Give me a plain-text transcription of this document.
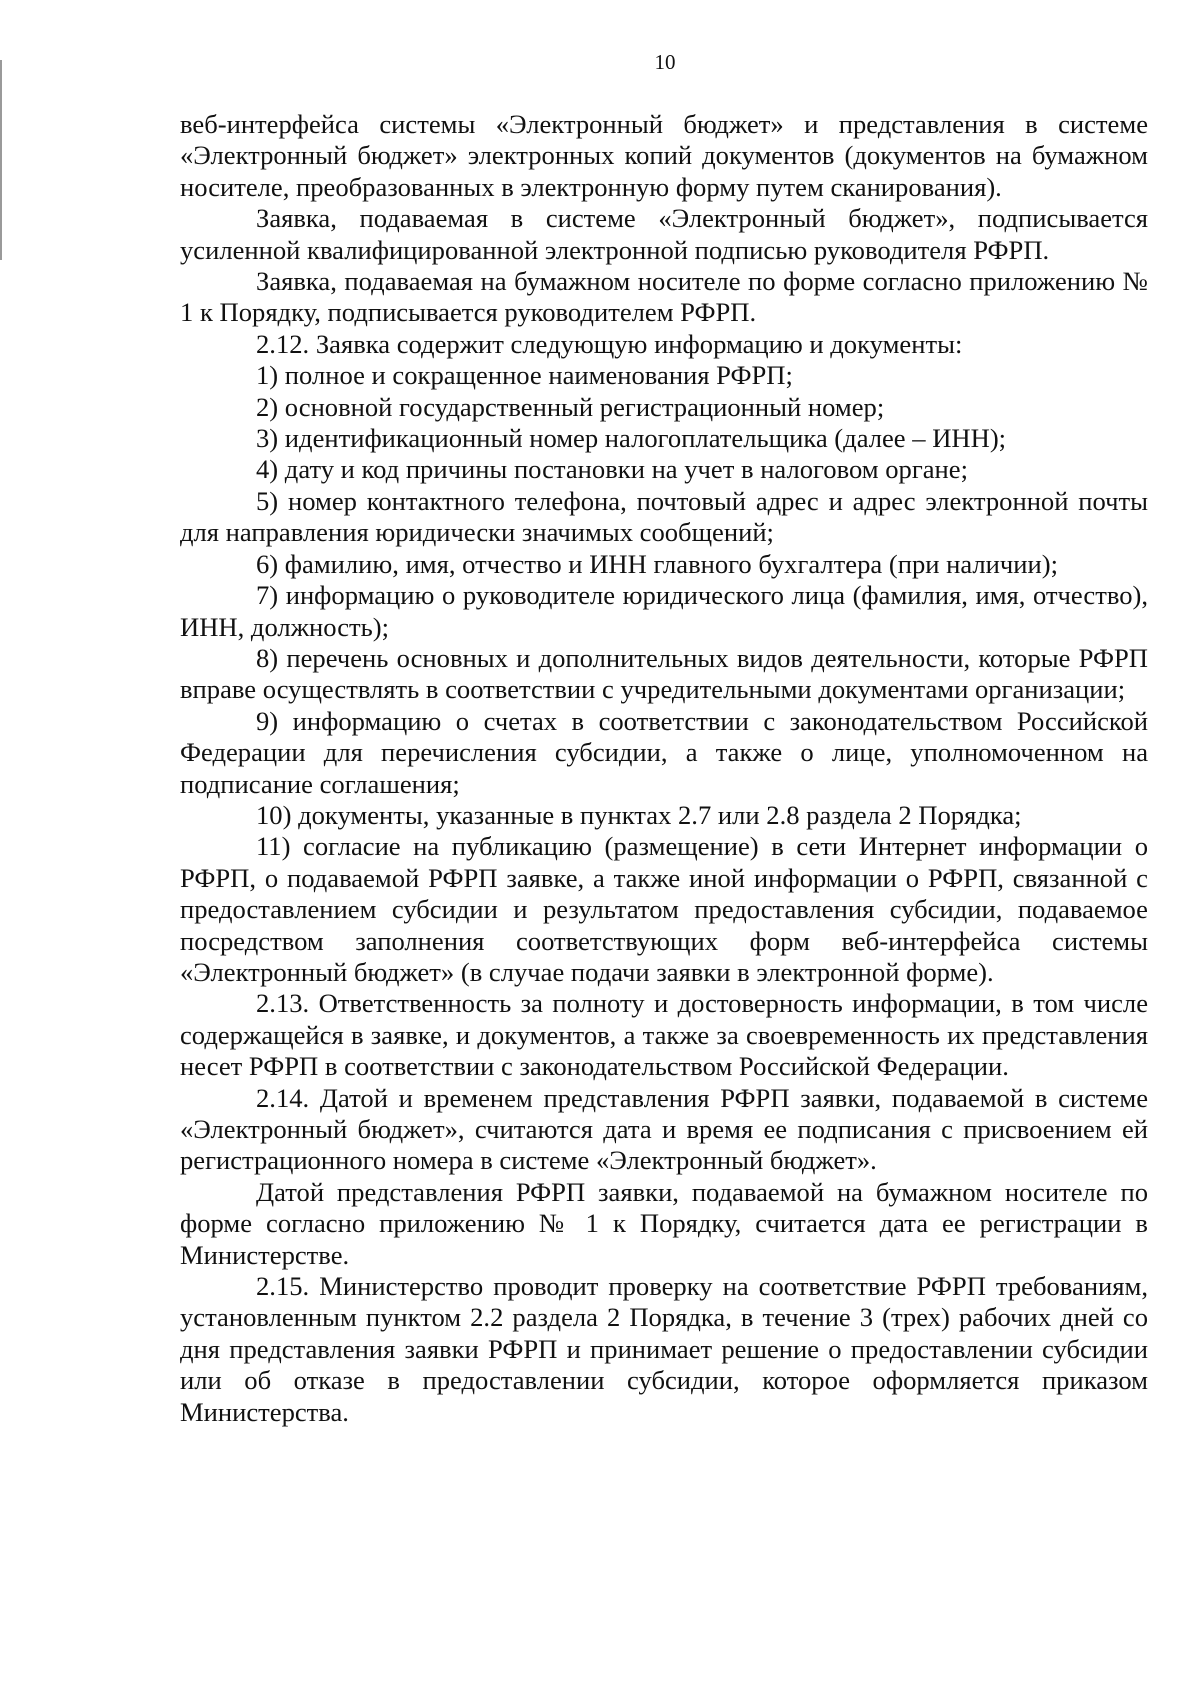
10

веб-интерфейса системы «Электронный бюджет» и представления в системе «Электронный бюджет» электронных копий документов (документов на бумажном носителе, преобразованных в электронную форму путем сканирования).

Заявка, подаваемая в системе «Электронный бюджет», подписывается усиленной квалифицированной электронной подписью руководителя РФРП.

Заявка, подаваемая на бумажном носителе по форме согласно приложению № 1 к Порядку, подписывается руководителем РФРП.

2.12. Заявка содержит следующую информацию и документы:

1) полное и сокращенное наименования РФРП;

2) основной государственный регистрационный номер;

3) идентификационный номер налогоплательщика (далее – ИНН);

4) дату и код причины постановки на учет в налоговом органе;

5) номер контактного телефона, почтовый адрес и адрес электронной почты для направления юридически значимых сообщений;

6) фамилию, имя, отчество и ИНН главного бухгалтера (при наличии);

7) информацию о руководителе юридического лица (фамилия, имя, отчество), ИНН, должность);

8) перечень основных и дополнительных видов деятельности, которые РФРП вправе осуществлять в соответствии с учредительными документами организации;

9) информацию о счетах в соответствии с законодательством Российской Федерации для перечисления субсидии, а также о лице, уполномоченном на подписание соглашения;

10) документы, указанные в пунктах 2.7 или 2.8 раздела 2 Порядка;

11) согласие на публикацию (размещение) в сети Интернет информации о РФРП, о подаваемой РФРП заявке, а также иной информации о РФРП, связанной с предоставлением субсидии и результатом предоставления субсидии, подаваемое посредством заполнения соответствующих форм веб-интерфейса системы «Электронный бюджет» (в случае подачи заявки в электронной форме).

2.13. Ответственность за полноту и достоверность информации, в том числе содержащейся в заявке, и документов, а также за своевременность их представления несет РФРП в соответствии с законодательством Российской Федерации.

2.14. Датой и временем представления РФРП заявки, подаваемой в системе «Электронный бюджет», считаются дата и время ее подписания с присвоением ей регистрационного номера в системе «Электронный бюджет».

Датой представления РФРП заявки, подаваемой на бумажном носителе по форме согласно приложению № 1 к Порядку, считается дата ее регистрации в Министерстве.

2.15. Министерство проводит проверку на соответствие РФРП требованиям, установленным пунктом 2.2 раздела 2 Порядка, в течение 3 (трех) рабочих дней со дня представления заявки РФРП и принимает решение о предоставлении субсидии или об отказе в предоставлении субсидии, которое оформляется приказом Министерства.
